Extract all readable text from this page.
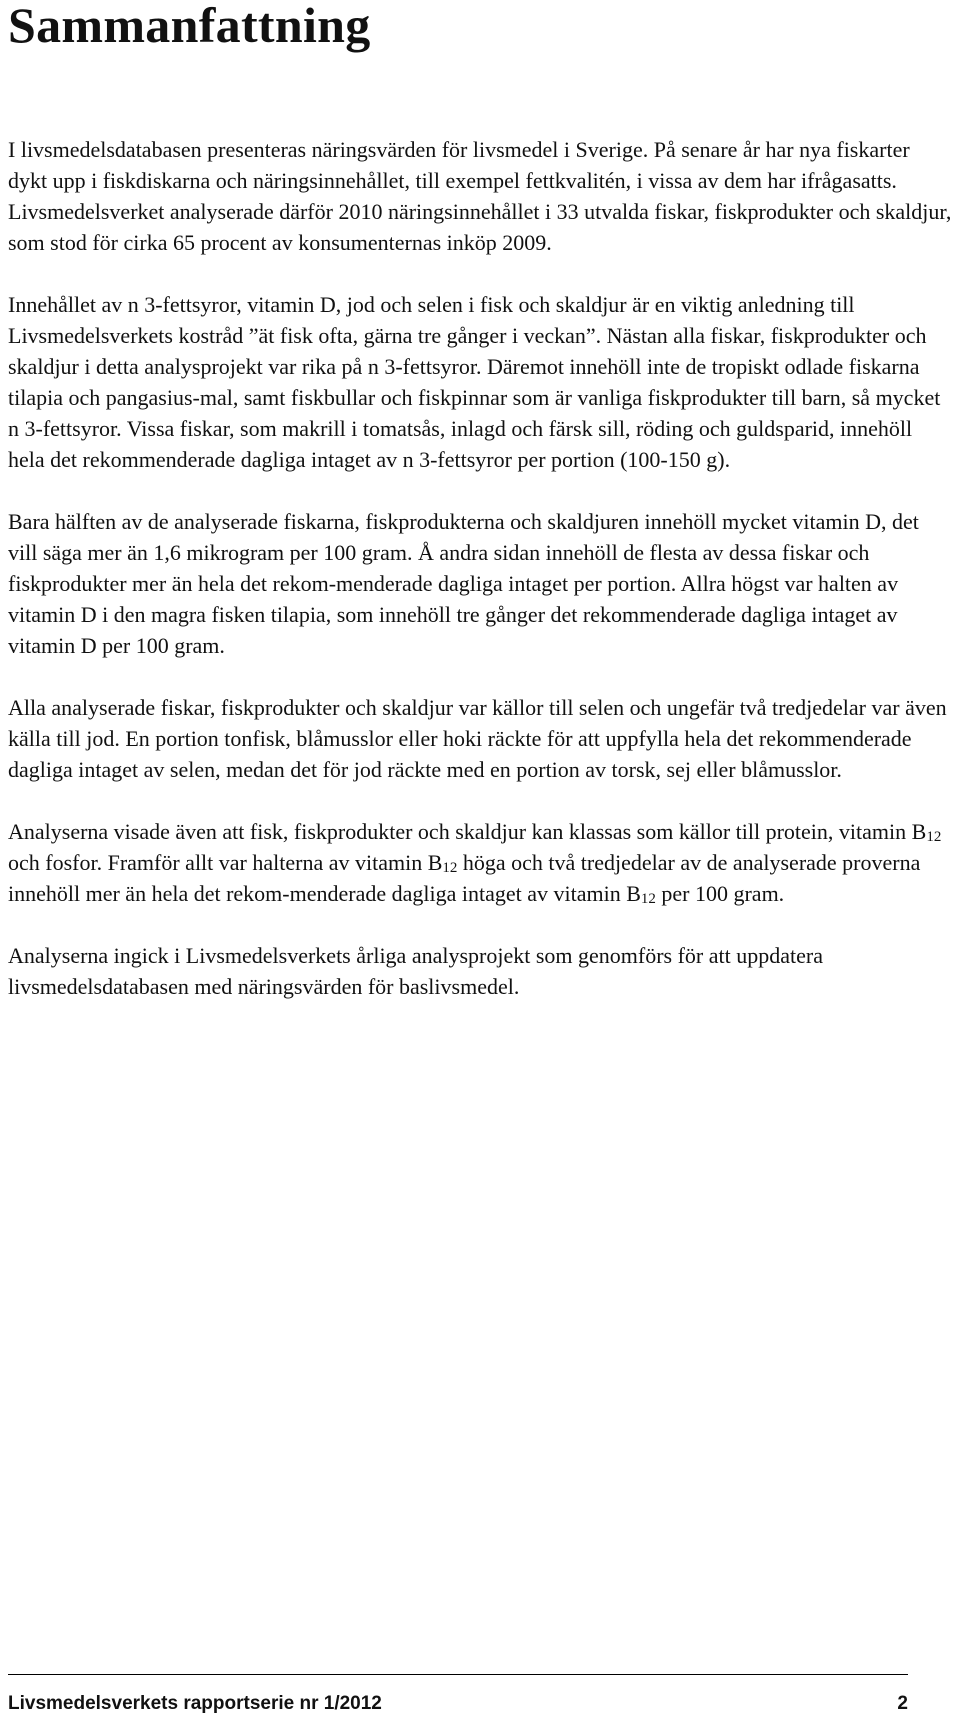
Sammanfattning

I livsmedelsdatabasen presenteras näringsvärden för livsmedel i Sverige. På senare år har nya fiskarter dykt upp i fiskdiskarna och näringsinnehållet, till exempel fettkvalitén, i vissa av dem har ifrågasatts. Livsmedelsverket analyserade därför 2010 näringsinnehållet i 33 utvalda fiskar, fiskprodukter och skaldjur, som stod för cirka 65 procent av konsumenternas inköp 2009.

Innehållet av n 3-fettsyror, vitamin D, jod och selen i fisk och skaldjur är en viktig anledning till Livsmedelsverkets kostråd ”ät fisk ofta, gärna tre gånger i veckan”. Nästan alla fiskar, fiskprodukter och skaldjur i detta analysprojekt var rika på n 3-fettsyror. Däremot innehöll inte de tropiskt odlade fiskarna tilapia och pangasius-mal, samt fiskbullar och fiskpinnar som är vanliga fiskprodukter till barn, så mycket n 3-fettsyror. Vissa fiskar, som makrill i tomatsås, inlagd och färsk sill, röding och guldsparid, innehöll hela det rekommenderade dagliga intaget av n 3-fettsyror per portion (100-150 g).

Bara hälften av de analyserade fiskarna, fiskprodukterna och skaldjuren innehöll mycket vitamin D, det vill säga mer än 1,6 mikrogram per 100 gram. Å andra sidan innehöll de flesta av dessa fiskar och fiskprodukter mer än hela det rekom-menderade dagliga intaget per portion. Allra högst var halten av vitamin D i den magra fisken tilapia, som innehöll tre gånger det rekommenderade dagliga intaget av vitamin D per 100 gram.

Alla analyserade fiskar, fiskprodukter och skaldjur var källor till selen och ungefär två tredjedelar var även källa till jod. En portion tonfisk, blåmusslor eller hoki räckte för att uppfylla hela det rekommenderade dagliga intaget av selen, medan det för jod räckte med en portion av torsk, sej eller blåmusslor.

Analyserna visade även att fisk, fiskprodukter och skaldjur kan klassas som källor till protein, vitamin $B_{12}$ och fosfor. Framför allt var halterna av vitamin $B_{12}$ höga och två tredjedelar av de analyserade proverna innehöll mer än hela det rekom-menderade dagliga intaget av vitamin $B_{12}$ per 100 gram.

Analyserna ingick i Livsmedelsverkets årliga analysprojekt som genomförs för att uppdatera livsmedelsdatabasen med näringsvärden för baslivsmedel.

Livsmedelsverkets rapportserie nr 1/2012	2
